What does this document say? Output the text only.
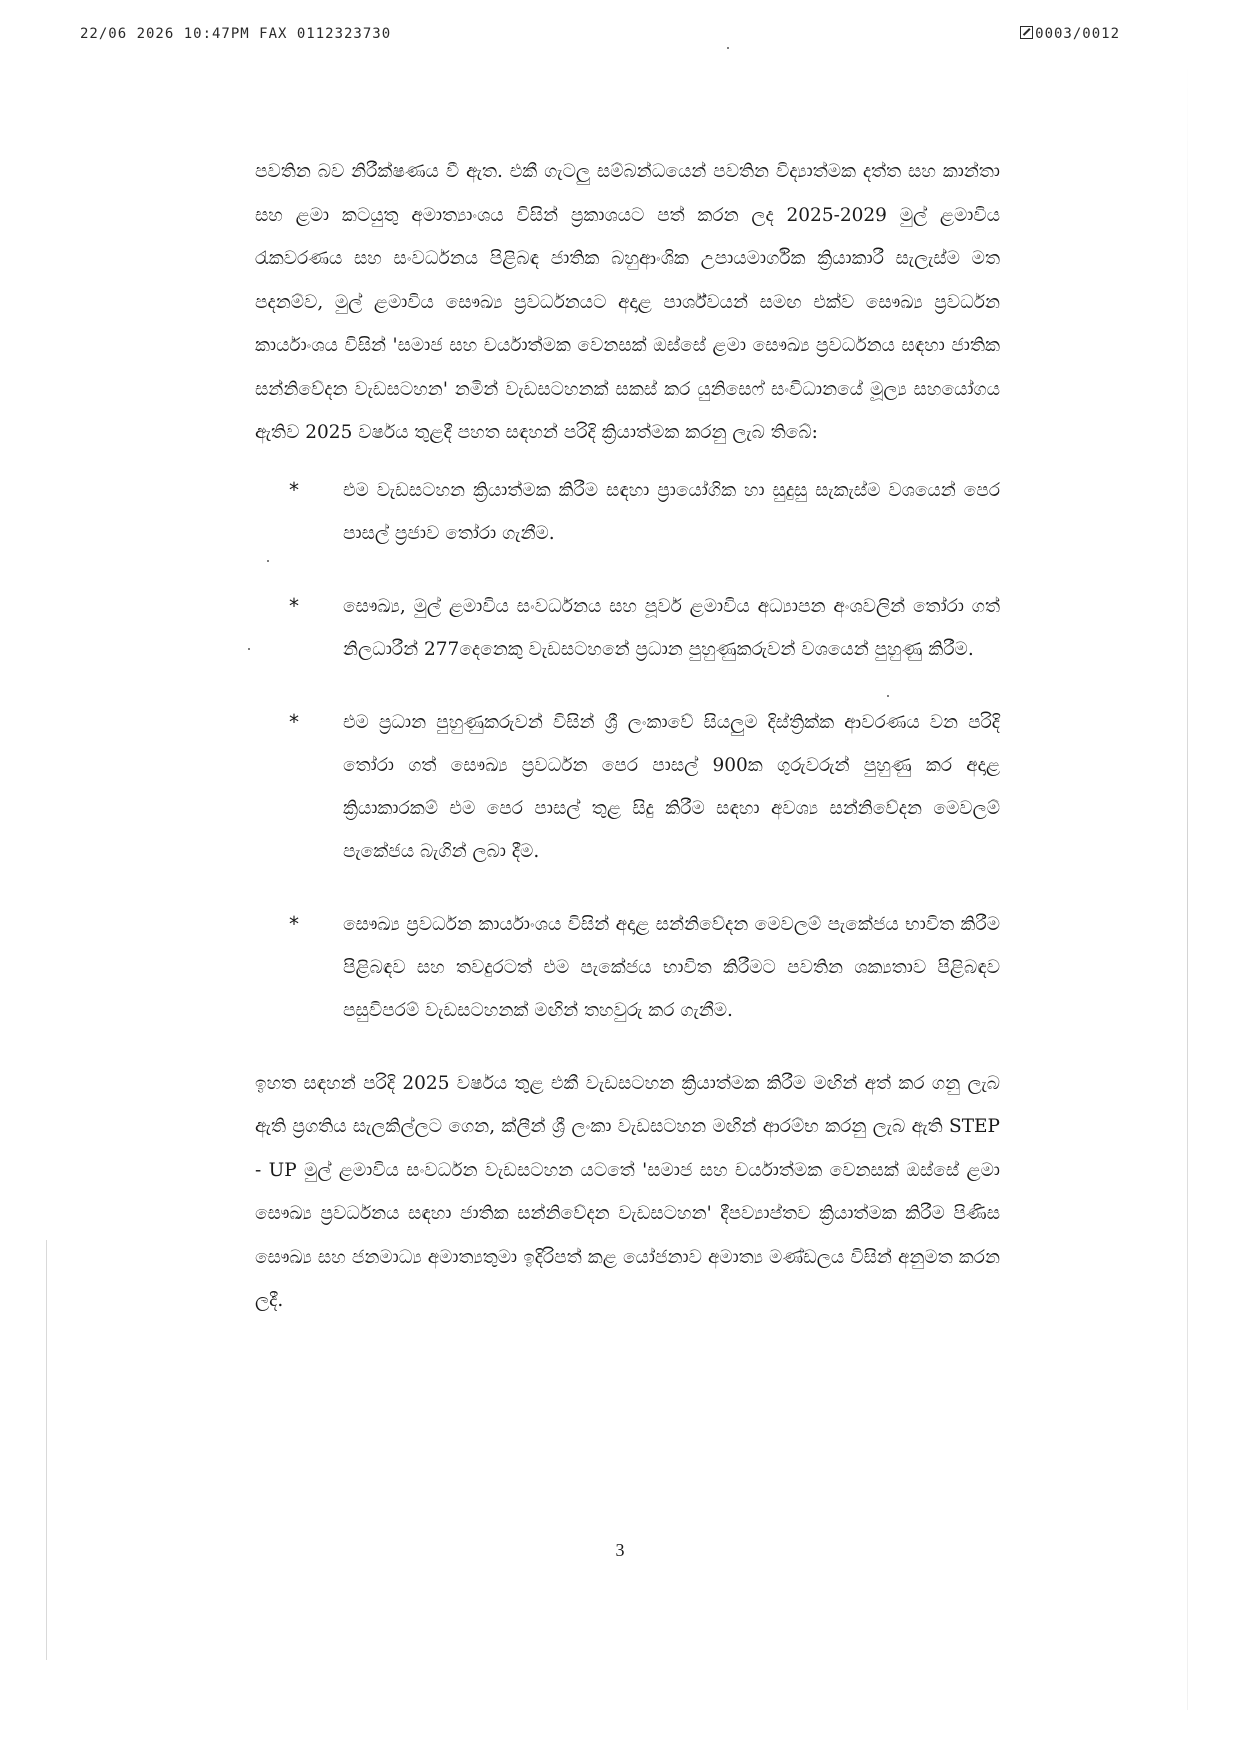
22/06 2026 10:47PM FAX 0112323730	0003/0012

පවතින බව නිරීක්ෂණය වී ඇත. එකී ගැටලු සම්බන්ධයෙන් පවතින විද්‍යාත්මක දත්ත සහ කාන්තා සහ ළමා කටයුතු අමාත්‍යාංශය විසින් ප්‍රකාශයට පත් කරන ලද 2025-2029 මුල් ළමාවිය රැකවරණය සහ සංවර්ධනය පිළිබඳ ජාතික බහුආංශික උපායමාර්ගික ක්‍රියාකාරී සැලැස්ම මත පදනම්ව, මුල් ළමාවිය සෞඛ්‍ය ප්‍රවර්ධනයට අදාළ පාර්ශ්වයන් සමඟ එක්ව සෞඛ්‍ය ප්‍රවර්ධන කාර්යාංශය විසින් 'සමාජ සහ චර්යාත්මක වෙනසක් ඔස්සේ ළමා සෞඛ්‍ය ප්‍රවර්ධනය සඳහා ජාතික සන්නිවේදන වැඩසටහන' නමින් වැඩසටහනක් සකස් කර යුනිසෙෆ් සංවිධානයේ මූල්‍ය සහයෝගය ඇතිව 2025 වර්ෂය තුළදී පහත සඳහන් පරිදි ක්‍රියාත්මක කරනු ලැබ තිබේ:

* එම වැඩසටහන ක්‍රියාත්මක කිරීම සඳහා ප්‍රායෝගික හා සුදුසු සැකැස්ම වශයෙන් පෙර පාසල් ප්‍රජාව තෝරා ගැනීම.
* සෞඛ්‍ය, මුල් ළමාවිය සංවර්ධනය සහ පූර්ව ළමාවිය අධ්‍යාපන අංශවලින් තෝරා ගත් නිලධාරීන් 277දෙනෙකු වැඩසටහනේ ප්‍රධාන පුහුණුකරුවන් වශයෙන් පුහුණු කිරීම.
* එම ප්‍රධාන පුහුණුකරුවන් විසින් ශ්‍රී ලංකාවේ සියලුම දිස්ත්‍රික්ක ආවරණය වන පරිදි තෝරා ගත් සෞඛ්‍ය ප්‍රවර්ධන පෙර පාසල් 900ක ගුරුවරුන් පුහුණු කර අදාළ ක්‍රියාකාරකම් එම පෙර පාසල් තුළ සිදු කිරීම සඳහා අවශ්‍ය සන්නිවේදන මෙවලම් පැකේජය බැගින් ලබා දීම.
* සෞඛ්‍ය ප්‍රවර්ධන කාර්යාංශය විසින් අදාළ සන්නිවේදන මෙවලම් පැකේජය භාවිත කිරීම පිළිබඳව සහ තවදුරටත් එම පැකේජය භාවිත කිරීමට පවතින ශක්‍යතාව පිළිබඳව පසුවිපරම් වැඩසටහනක් මඟින් තහවුරු කර ගැනීම.

ඉහත සඳහන් පරිදි 2025 වර්ෂය තුළ එකී වැඩසටහන ක්‍රියාත්මක කිරීම මඟින් අත් කර ගනු ලැබ ඇති ප්‍රගතිය සැලකිල්ලට ගෙන, ක්ලීන් ශ්‍රී ලංකා වැඩසටහන මඟින් ආරම්භ කරනු ලැබ ඇති STEP - UP මුල් ළමාවිය සංවර්ධන වැඩසටහන යටතේ 'සමාජ සහ චර්යාත්මක වෙනසක් ඔස්සේ ළමා සෞඛ්‍ය ප්‍රවර්ධනය සඳහා ජාතික සන්නිවේදන වැඩසටහන' දීපව්‍යාප්තව ක්‍රියාත්මක කිරීම පිණිස සෞඛ්‍ය සහ ජනමාධ්‍ය අමාත්‍යතුමා ඉදිරිපත් කළ යෝජනාව අමාත්‍ය මණ්ඩලය විසින් අනුමත කරන ලදී.

3
